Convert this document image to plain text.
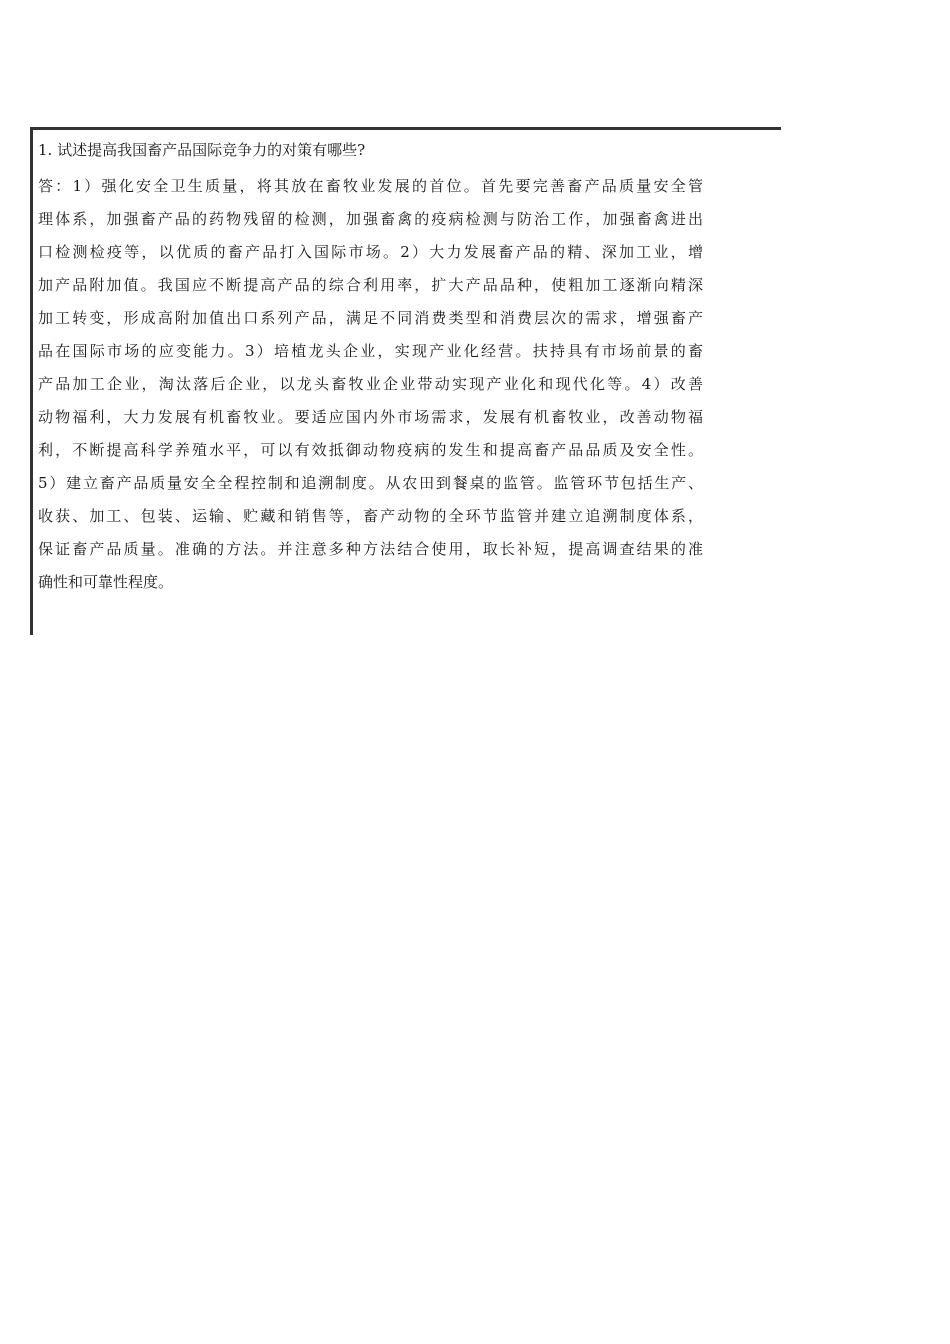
1. 试述提高我国畜产品国际竞争力的对策有哪些?

答：1）强化安全卫生质量，将其放在畜牧业发展的首位。首先要完善畜产品质量安全管

理体系，加强畜产品的药物残留的检测，加强畜禽的疫病检测与防治工作，加强畜禽进出

口检测检疫等，以优质的畜产品打入国际市场。2）大力发展畜产品的精、深加工业，增

加产品附加值。我国应不断提高产品的综合利用率，扩大产品品种，使粗加工逐渐向精深

加工转变，形成高附加值出口系列产品，满足不同消费类型和消费层次的需求，增强畜产

品在国际市场的应变能力。3）培植龙头企业，实现产业化经营。扶持具有市场前景的畜

产品加工企业，淘汰落后企业，以龙头畜牧业企业带动实现产业化和现代化等。4）改善

动物福利，大力发展有机畜牧业。要适应国内外市场需求，发展有机畜牧业，改善动物福

利，不断提高科学养殖水平，可以有效抵御动物疫病的发生和提高畜产品品质及安全性。

5）建立畜产品质量安全全程控制和追溯制度。从农田到餐桌的监管。监管环节包括生产、

收获、加工、包装、运输、贮藏和销售等，畜产动物的全环节监管并建立追溯制度体系，

保证畜产品质量。准确的方法。并注意多种方法结合使用，取长补短，提高调查结果的准

确性和可靠性程度。
